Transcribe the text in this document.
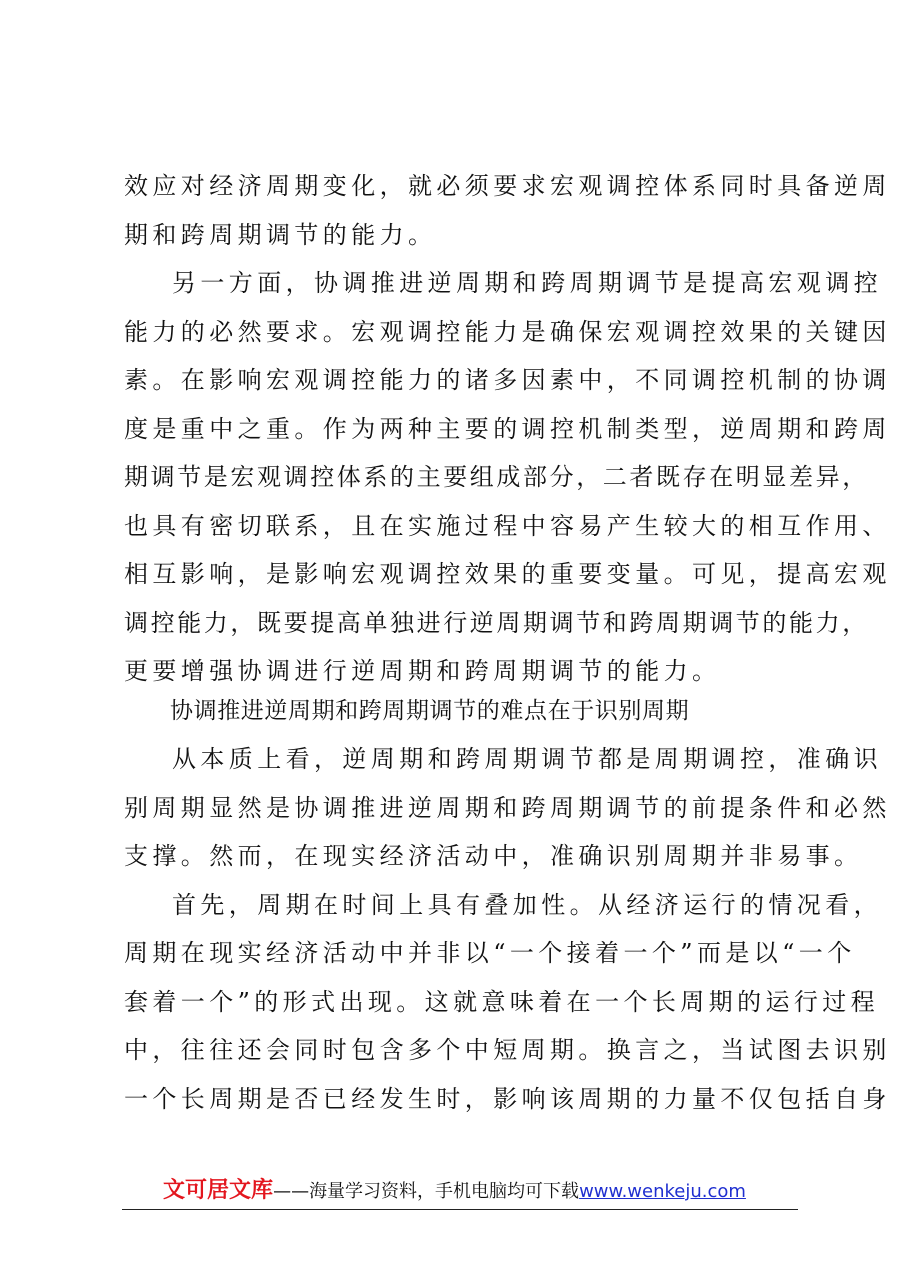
效应对经济周期变化，就必须要求宏观调控体系同时具备逆周
期和跨周期调节的能力。
另一方面，协调推进逆周期和跨周期调节是提高宏观调控
能力的必然要求。宏观调控能力是确保宏观调控效果的关键因
素。在影响宏观调控能力的诸多因素中，不同调控机制的协调
度是重中之重。作为两种主要的调控机制类型，逆周期和跨周
期调节是宏观调控体系的主要组成部分，二者既存在明显差异，
也具有密切联系，且在实施过程中容易产生较大的相互作用、
相互影响，是影响宏观调控效果的重要变量。可见，提高宏观
调控能力，既要提高单独进行逆周期调节和跨周期调节的能力，
更要增强协调进行逆周期和跨周期调节的能力。
协调推进逆周期和跨周期调节的难点在于识别周期
从本质上看，逆周期和跨周期调节都是周期调控，准确识
别周期显然是协调推进逆周期和跨周期调节的前提条件和必然
支撑。然而，在现实经济活动中，准确识别周期并非易事。
首先，周期在时间上具有叠加性。从经济运行的情况看，
周期在现实经济活动中并非以“一个接着一个”而是以“一个
套着一个”的形式出现。这就意味着在一个长周期的运行过程
中，往往还会同时包含多个中短周期。换言之，当试图去识别
一个长周期是否已经发生时，影响该周期的力量不仅包括自身
文可居文库——海量学习资料，手机电脑均可下载www.wenkeju.com
